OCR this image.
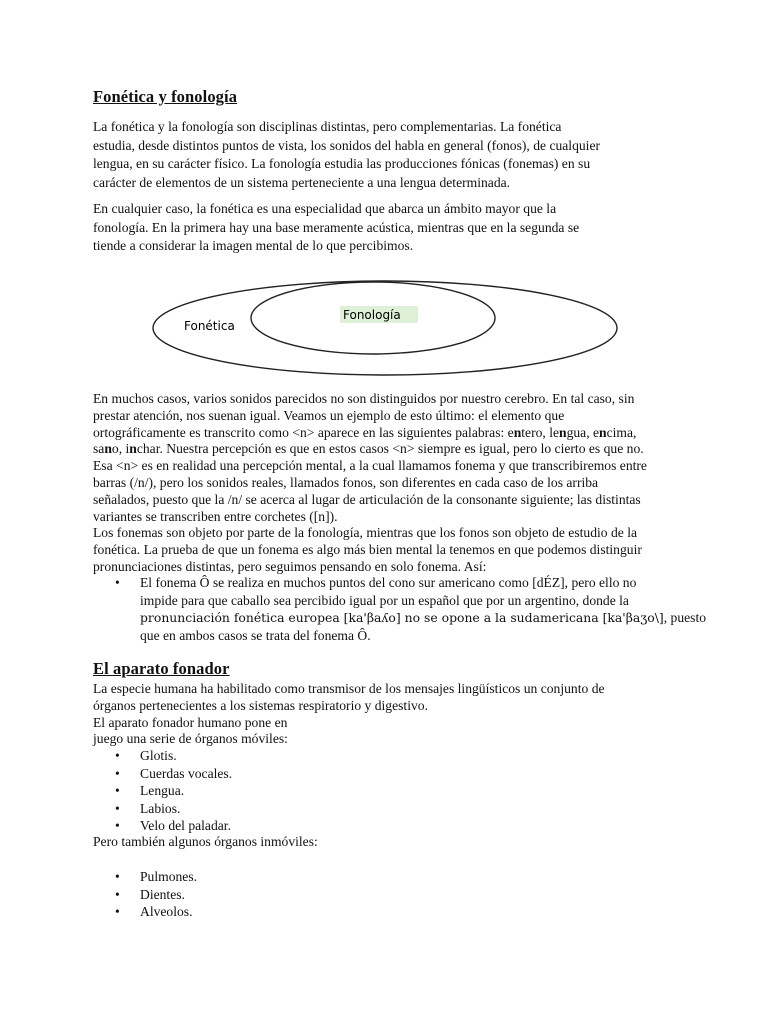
Fonética y fonología
La fonética y la fonología son disciplinas distintas, pero complementarias. La fonética
estudia, desde distintos puntos de vista, los sonidos del habla en general (fonos), de cualquier
lengua, en su carácter físico. La fonología estudia las producciones fónicas (fonemas) en su
carácter de elementos de un sistema perteneciente a una lengua determinada.
En cualquier caso, la fonética es una especialidad que abarca un ámbito mayor que la
fonología. En la primera hay una base meramente acústica, mientras que en la segunda se
tiende a considerar la imagen mental de lo que percibimos.
Fonología
Fonética
En muchos casos, varios sonidos parecidos no son distinguidos por nuestro cerebro. En tal caso, sin
prestar atención, nos suenan igual. Veamos un ejemplo de esto último: el elemento que
ortográficamente es transcrito como <n> aparece en las siguientes palabras: entero, lengua, encima,
sano, inchar. Nuestra percepción es que en estos casos <n> siempre es igual, pero lo cierto es que no.
Esa <n> es en realidad una percepción mental, a la cual llamamos fonema y que transcribiremos entre
barras (/n/), pero los sonidos reales, llamados fonos, son diferentes en cada caso de los arriba
señalados, puesto que la /n/ se acerca al lugar de articulación de la consonante siguiente; las distintas
variantes se transcriben entre corchetes ([n]).
Los fonemas son objeto por parte de la fonología, mientras que los fonos son objeto de estudio de la
fonética. La prueba de que un fonema es algo más bien mental la tenemos en que podemos distinguir
pronunciaciones distintas, pero seguimos pensando en solo fonema. Así:
•	El fonema Ô se realiza en muchos puntos del cono sur americano como [dÉZ], pero ello no
impide para que caballo sea percibido igual por un español que por un argentino, donde la
pronunciación fonética europea [ka'βaʎo] no se opone a la sudamericana [ka'βaʒo\], puesto
que en ambos casos se trata del fonema Ô.
El aparato fonador
La especie humana ha habilitado como transmisor de los mensajes lingüísticos un conjunto de
órganos pertenecientes a los sistemas respiratorio y digestivo.
El aparato fonador humano pone en
juego una serie de órganos móviles:
•	Glotis.
•	Cuerdas vocales.
•	Lengua.
•	Labios.
•	Velo del paladar.
Pero también algunos órganos inmóviles:
•	Pulmones.
•	Dientes.
•	Alveolos.
